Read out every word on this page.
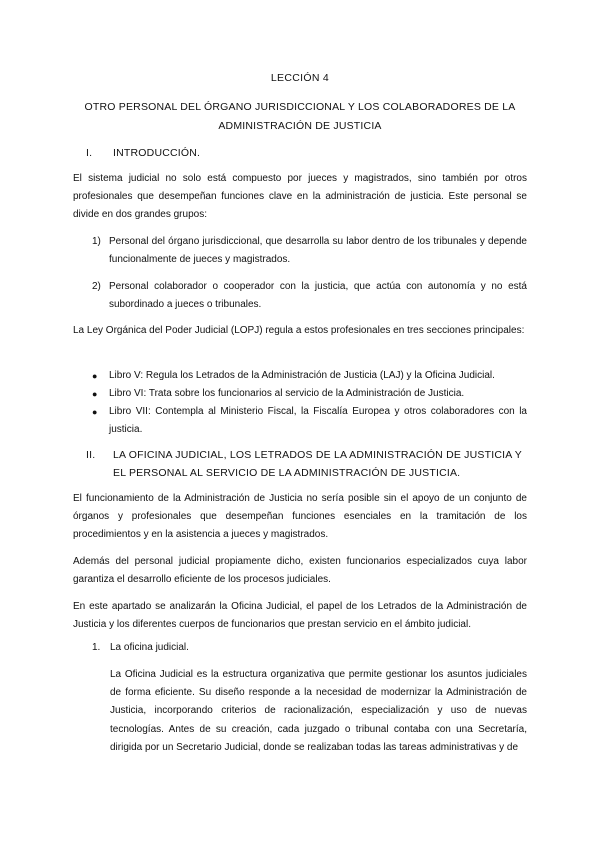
LECCIÓN 4
OTRO PERSONAL DEL ÓRGANO JURISDICCIONAL Y LOS COLABORADORES DE LA ADMINISTRACIÓN DE JUSTICIA
I. INTRODUCCIÓN.

El sistema judicial no solo está compuesto por jueces y magistrados, sino también por otros profesionales que desempeñan funciones clave en la administración de justicia. Este personal se divide en dos grandes grupos:

1) Personal del órgano jurisdiccional, que desarrolla su labor dentro de los tribunales y depende funcionalmente de jueces y magistrados.
2) Personal colaborador o cooperador con la justicia, que actúa con autonomía y no está subordinado a jueces o tribunales.

La Ley Orgánica del Poder Judicial (LOPJ) regula a estos profesionales en tres secciones principales:

● Libro V: Regula los Letrados de la Administración de Justicia (LAJ) y la Oficina Judicial.
● Libro VI: Trata sobre los funcionarios al servicio de la Administración de Justicia.
● Libro VII: Contempla al Ministerio Fiscal, la Fiscalía Europea y otros colaboradores con la justicia.
II. LA OFICINA JUDICIAL, LOS LETRADOS DE LA ADMINISTRACIÓN DE JUSTICIA Y EL PERSONAL AL SERVICIO DE LA ADMINISTRACIÓN DE JUSTICIA.

El funcionamiento de la Administración de Justicia no sería posible sin el apoyo de un conjunto de órganos y profesionales que desempeñan funciones esenciales en la tramitación de los procedimientos y en la asistencia a jueces y magistrados.

Además del personal judicial propiamente dicho, existen funcionarios especializados cuya labor garantiza el desarrollo eficiente de los procesos judiciales.

En este apartado se analizarán la Oficina Judicial, el papel de los Letrados de la Administración de Justicia y los diferentes cuerpos de funcionarios que prestan servicio en el ámbito judicial.

1. La oficina judicial.

La Oficina Judicial es la estructura organizativa que permite gestionar los asuntos judiciales de forma eficiente. Su diseño responde a la necesidad de modernizar la Administración de Justicia, incorporando criterios de racionalización, especialización y uso de nuevas tecnologías. Antes de su creación, cada juzgado o tribunal contaba con una Secretaría, dirigida por un Secretario Judicial, donde se realizaban todas las tareas administrativas y de
